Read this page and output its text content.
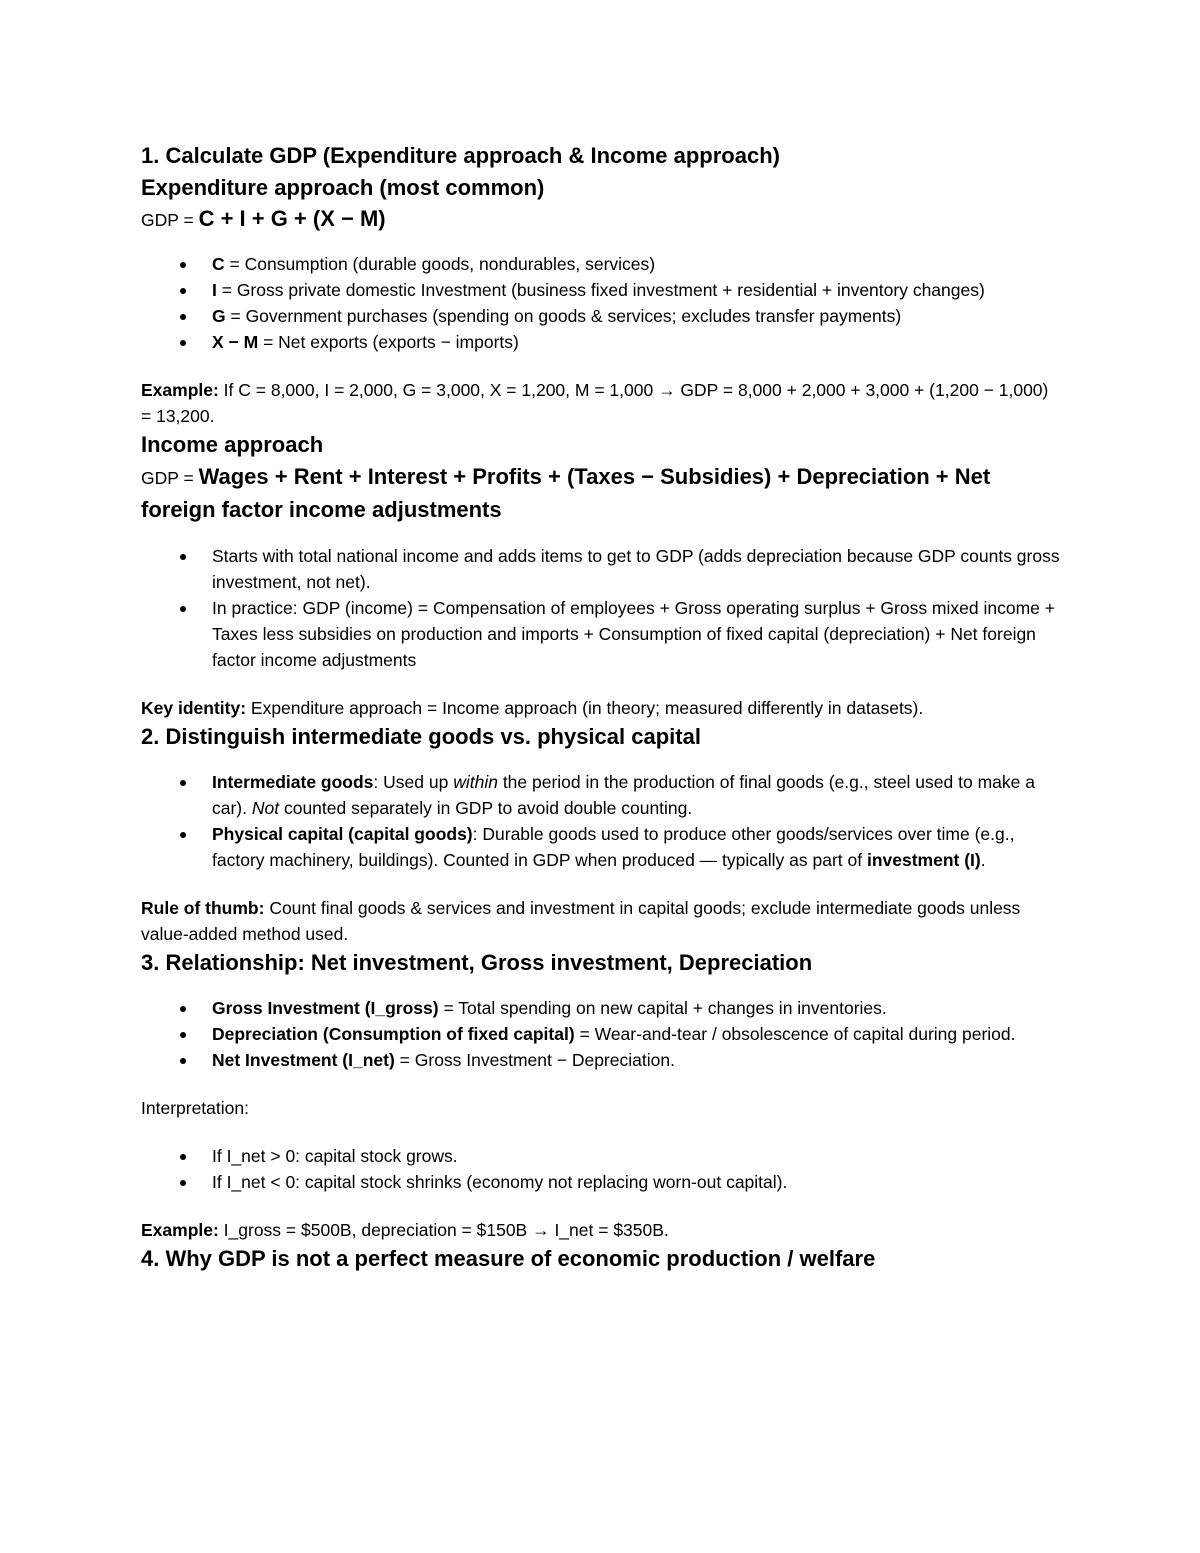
1. Calculate GDP (Expenditure approach & Income approach)
Expenditure approach (most common)
GDP = C + I + G + (X − M)
C = Consumption (durable goods, nondurables, services)
I = Gross private domestic Investment (business fixed investment + residential + inventory changes)
G = Government purchases (spending on goods & services; excludes transfer payments)
X − M = Net exports (exports − imports)

Example: If C = 8,000, I = 2,000, G = 3,000, X = 1,200, M = 1,000 → GDP = 8,000 + 2,000 + 3,000 + (1,200 − 1,000) = 13,200.

Income approach
GDP = Wages + Rent + Interest + Profits + (Taxes − Subsidies) + Depreciation + Net foreign factor income adjustments
Starts with total national income and adds items to get to GDP (adds depreciation because GDP counts gross investment, not net).
In practice: GDP (income) = Compensation of employees + Gross operating surplus + Gross mixed income + Taxes less subsidies on production and imports + Consumption of fixed capital (depreciation) + Net foreign factor income adjustments

Key identity: Expenditure approach = Income approach (in theory; measured differently in datasets).

2. Distinguish intermediate goods vs. physical capital
Intermediate goods: Used up within the period in the production of final goods (e.g., steel used to make a car). Not counted separately in GDP to avoid double counting.
Physical capital (capital goods): Durable goods used to produce other goods/services over time (e.g., factory machinery, buildings). Counted in GDP when produced — typically as part of investment (I).

Rule of thumb: Count final goods & services and investment in capital goods; exclude intermediate goods unless value-added method used.

3. Relationship: Net investment, Gross investment, Depreciation
Gross Investment (I_gross) = Total spending on new capital + changes in inventories.
Depreciation (Consumption of fixed capital) = Wear-and-tear / obsolescence of capital during period.
Net Investment (I_net) = Gross Investment − Depreciation.

Interpretation:

If I_net > 0: capital stock grows.
If I_net < 0: capital stock shrinks (economy not replacing worn-out capital).

Example: I_gross = $500B, depreciation = $150B → I_net = $350B.

4. Why GDP is not a perfect measure of economic production / welfare
